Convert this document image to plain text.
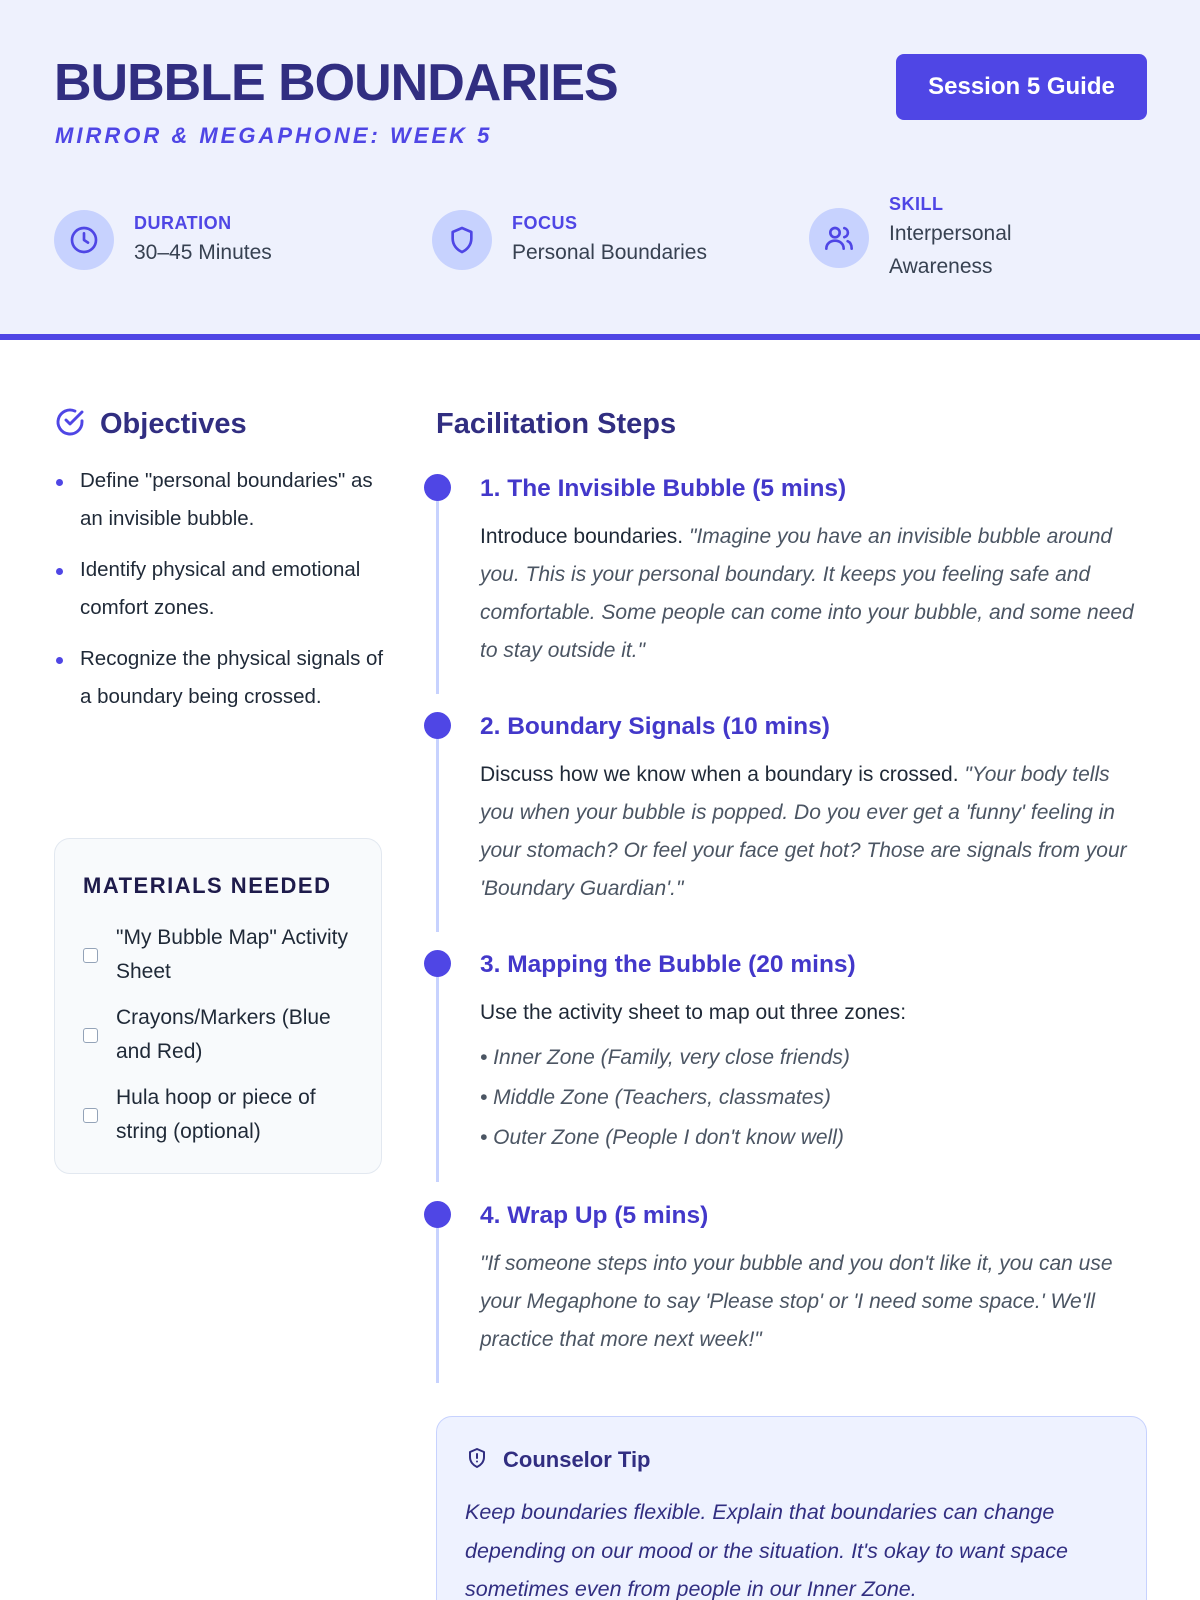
BUBBLE BOUNDARIES
MIRROR & MEGAPHONE: WEEK 5
Session 5 Guide
DURATION
30–45 Minutes
FOCUS
Personal Boundaries
SKILL
Interpersonal
Awareness
Objectives
Define "personal boundaries" as an invisible bubble.
Identify physical and emotional comfort zones.
Recognize the physical signals of a boundary being crossed.
MATERIALS NEEDED
"My Bubble Map" Activity Sheet
Crayons/Markers (Blue and Red)
Hula hoop or piece of string (optional)
Facilitation Steps
1. The Invisible Bubble (5 mins)
Introduce boundaries. "Imagine you have an invisible bubble around you. This is your personal boundary. It keeps you feeling safe and comfortable. Some people can come into your bubble, and some need to stay outside it."
2. Boundary Signals (10 mins)
Discuss how we know when a boundary is crossed. "Your body tells you when your bubble is popped. Do you ever get a 'funny' feeling in your stomach? Or feel your face get hot? Those are signals from your 'Boundary Guardian'."
3. Mapping the Bubble (20 mins)
Use the activity sheet to map out three zones:
• Inner Zone (Family, very close friends)
• Middle Zone (Teachers, classmates)
• Outer Zone (People I don't know well)
4. Wrap Up (5 mins)
"If someone steps into your bubble and you don't like it, you can use your Megaphone to say 'Please stop' or 'I need some space.' We'll practice that more next week!"
Counselor Tip
Keep boundaries flexible. Explain that boundaries can change depending on our mood or the situation. It's okay to want space sometimes even from people in our Inner Zone.
